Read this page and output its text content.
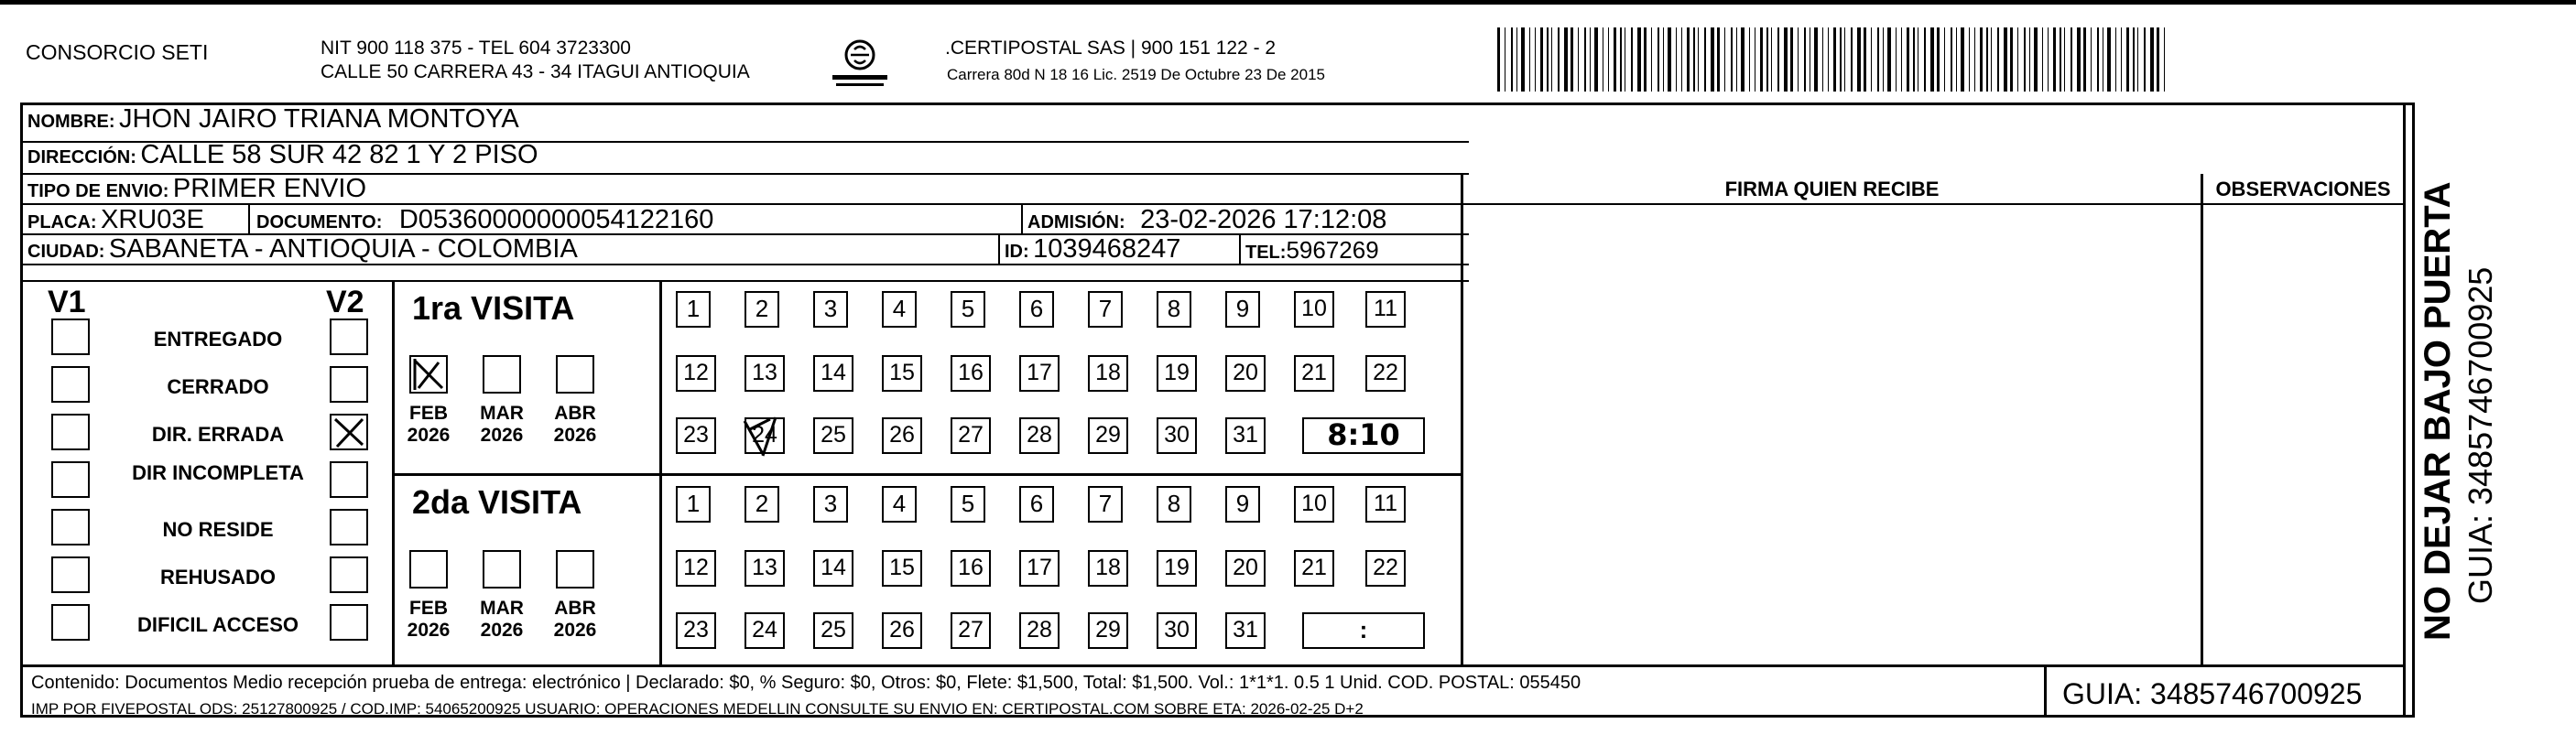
CONSORCIO SETI	NIT 900 118 375 - TEL 604 3723300
CALLE 50 CARRERA 43 - 34 ITAGUI ANTIOQUIA
.CERTIPOSTAL SAS | 900 151 122 - 2
Carrera 80d N 18 16 Lic. 2519 De Octubre 23 De 2015
NOMBRE: JHON JAIRO TRIANA MONTOYA
DIRECCIÓN: CALLE 58 SUR 42 82 1 Y 2 PISO
TIPO DE ENVIO: PRIMER ENVIO	FIRMA QUIEN RECIBE	OBSERVACIONES
PLACA: XRU03E	DOCUMENTO: D05360000000054122160	ADMISIÓN: 23-02-2026 17:12:08
CIUDAD: SABANETA - ANTIOQUIA - COLOMBIA	ID: 1039468247	TEL:5967269
V1	V2
ENTREGADO
CERRADO
DIR. ERRADA
DIR INCOMPLETA
NO RESIDE
REHUSADO
DIFICIL ACCESO
1ra VISITA
2da VISITA
FEB
2026
MAR
2026
ABR
2026
1	2	3	4	5	6	7	8	9	10	11
12	13	14	15	16	17	18	19	20	21	22
23	24	25	26	27	28	29	30	31	8:10
FEB
2026
MAR
2026
ABR
2026
1	2	3	4	5	6	7	8	9	10	11
12	13	14	15	16	17	18	19	20	21	22
23	24	25	26	27	28	29	30	31	:
Contenido: Documentos Medio recepción prueba de entrega: electrónico | Declarado: $0, % Seguro: $0, Otros: $0, Flete: $1,500, Total: $1,500. Vol.: 1*1*1. 0.5 1 Unid. COD. POSTAL: 055450
IMP POR FIVEPOSTAL ODS: 25127800925 / COD.IMP: 54065200925 USUARIO: OPERACIONES MEDELLIN CONSULTE SU ENVIO EN: CERTIPOSTAL.COM SOBRE ETA: 2026-02-25 D+2	GUIA: 3485746700925
NO DEJAR BAJO PUERTA GUIA: 3485746700925
